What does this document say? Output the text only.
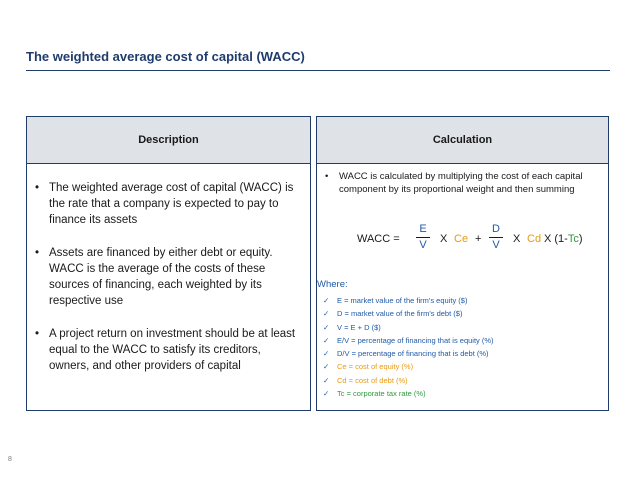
The weighted average cost of capital (WACC)
Description
• The weighted average cost of capital (WACC) is the rate that a company is expected to pay to finance its assets
• Assets are financed by either debt or equity. WACC is the average of the costs of these sources of financing, each weighted by its respective use
• A project return on investment should be at least equal to the WACC to satisfy its creditors, owners, and other providers of capital
Calculation
• WACC is calculated by multiplying the cost of each capital component by its proportional weight and then summing
WACC =
E
V	X Ce +
D
V	X Cd X (1-Tc)
Where:
✓ E = market value of the firm's equity ($)
✓ D = market value of the firm's debt ($)
✓ V = E + D ($)
✓ E/V = percentage of financing that is equity (%)
✓ D/V = percentage of financing that is debt (%)
✓ Ce = cost of equity (%)
✓ Cd = cost of debt (%)
✓ Tc = corporate tax rate (%)
8
